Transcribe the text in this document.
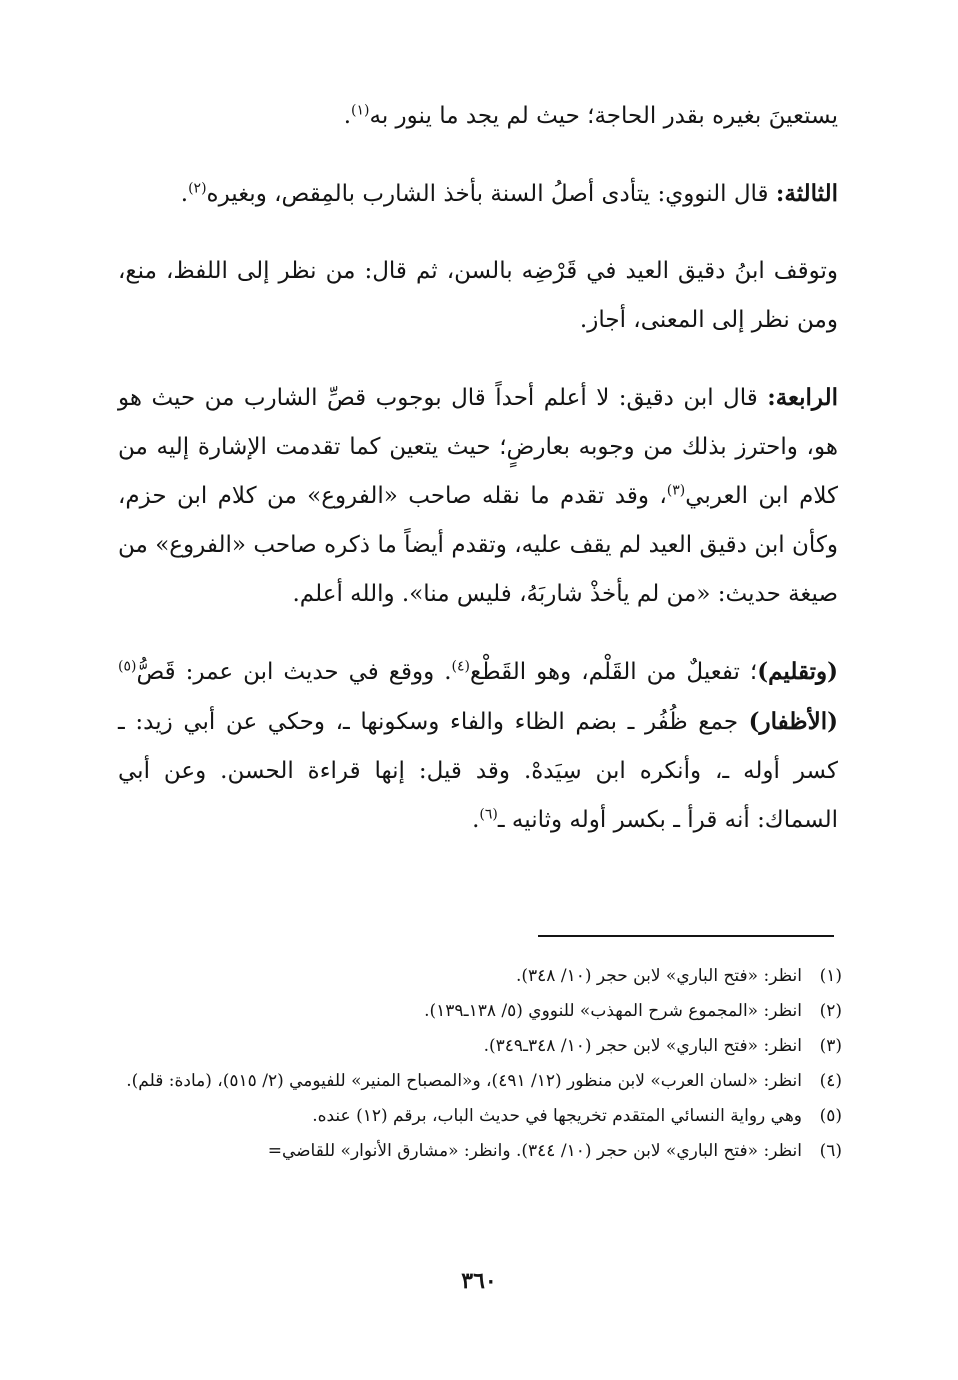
يستعينَ بغيره بقدر الحاجة؛ حيث لم يجد ما ينور به$^{(١)}$.

الثالثة: قال النووي: يتأدى أصلُ السنة بأخذ الشارب بالمِقص، وبغيره$^{(٢)}$.

وتوقف ابنُ دقيق العيد في قَرْضِه بالسن، ثم قال: من نظر إلى اللفظ، منع، ومن نظر إلى المعنى، أجاز.

الرابعة: قال ابن دقيق: لا أعلم أحداً قال بوجوب قصِّ الشارب من حيث هو هو، واحترز بذلك من وجوبه بعارضٍ؛ حيث يتعين كما تقدمت الإشارة إليه من كلام ابن العربي$^{(٣)}$، وقد تقدم ما نقله صاحب «الفروع» من كلام ابن حزم، وكأن ابن دقيق العيد لم يقف عليه، وتقدم أيضاً ما ذكره صاحب «الفروع» من صيغة حديث: «من لم يأخذْ شاربَهُ، فليس منا». والله أعلم.

(وتقليم)؛ تفعيلٌ من القَلْم، وهو القَطْع$^{(٤)}$. ووقع في حديث ابن عمر: قَصُّ$^{(٥)}$ (الأظفار) جمع ظُفُر ـ بضم الظاء والفاء وسكونها ـ، وحكي عن أبي زيد: ـ كسر أوله ـ، وأنكره ابن سِيَدهْ. وقد قيل: إنها قراءة الحسن. وعن أبي السماك: أنه قرأ ـ بكسر أوله وثانيه ـ$^{(٦)}$.

(١)
انظر: «فتح الباري» لابن حجر (١٠/ ٣٤٨).
(٢)
انظر: «المجموع شرح المهذب» للنووي (٥/ ١٣٨ـ١٣٩).
(٣)
انظر: «فتح الباري» لابن حجر (١٠/ ٣٤٨ـ٣٤٩).
(٤)
انظر: «لسان العرب» لابن منظور (١٢/ ٤٩١)، و«المصباح المنير» للفيومي (٢/ ٥١٥)، (مادة: قلم).
(٥)
وهي رواية النسائي المتقدم تخريجها في حديث الباب، برقم (١٢) عنده.
(٦)
انظر: «فتح الباري» لابن حجر (١٠/ ٣٤٤). وانظر: «مشارق الأنوار» للقاضي=
٣٦٠
